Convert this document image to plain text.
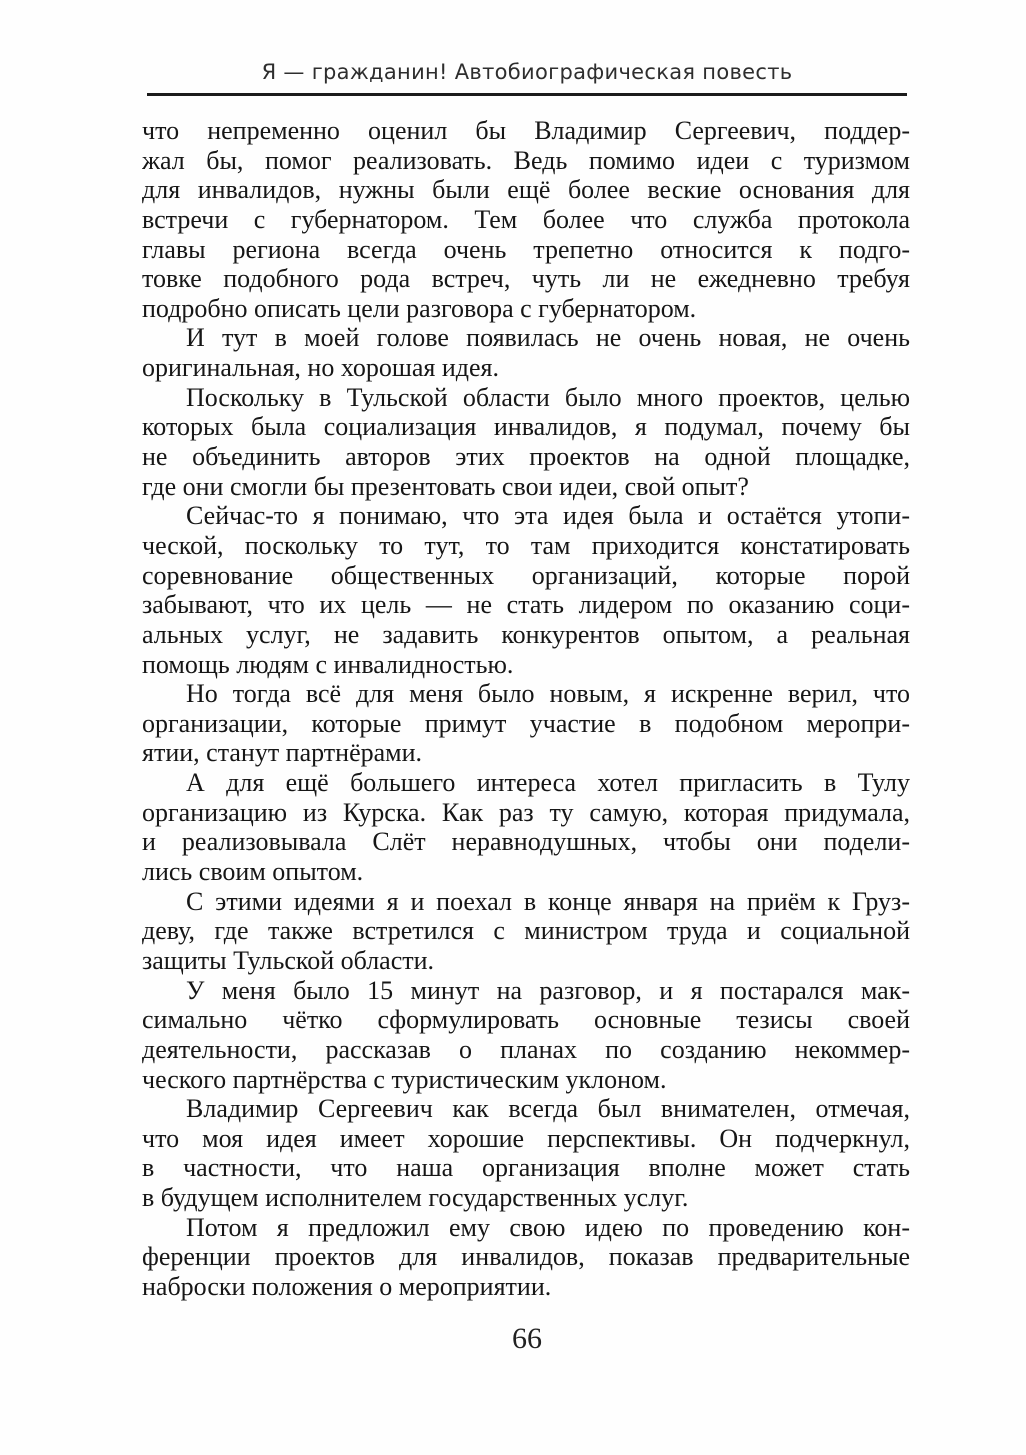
Я — гражданин! Автобиографическая повесть
что непременно оценил бы Владимир Сергеевич, поддер-
жал бы, помог реализовать. Ведь помимо идеи с туризмом
для инвалидов, нужны были ещё более веские основания для
встречи с губернатором. Тем более что служба протокола
главы региона всегда очень трепетно относится к подго-
товке подобного рода встреч, чуть ли не ежедневно требуя
подробно описать цели разговора с губернатором.
И тут в моей голове появилась не очень новая, не очень
оригинальная, но хорошая идея.
Поскольку в Тульской области было много проектов, целью
которых была социализация инвалидов, я подумал, почему бы
не объединить авторов этих проектов на одной площадке,
где они смогли бы презентовать свои идеи, свой опыт?
Сейчас-то я понимаю, что эта идея была и остаётся утопи-
ческой, поскольку то тут, то там приходится констатировать
соревнование общественных организаций, которые порой
забывают, что их цель — не стать лидером по оказанию соци-
альных услуг, не задавить конкурентов опытом, а реальная
помощь людям с инвалидностью.
Но тогда всё для меня было новым, я искренне верил, что
организации, которые примут участие в подобном меропри-
ятии, станут партнёрами.
А для ещё большего интереса хотел пригласить в Тулу
организацию из Курска. Как раз ту самую, которая придумала,
и реализовывала Слёт неравнодушных, чтобы они подели-
лись своим опытом.
С этими идеями я и поехал в конце января на приём к Груз-
деву, где также встретился с министром труда и социальной
защиты Тульской области.
У меня было 15 минут на разговор, и я постарался мак-
симально чётко сформулировать основные тезисы своей
деятельности, рассказав о планах по созданию некоммер-
ческого партнёрства с туристическим уклоном.
Владимир Сергеевич как всегда был внимателен, отмечая,
что моя идея имеет хорошие перспективы. Он подчеркнул,
в частности, что наша организация вполне может стать
в будущем исполнителем государственных услуг.
Потом я предложил ему свою идею по проведению кон-
ференции проектов для инвалидов, показав предварительные
наброски положения о мероприятии.
66
